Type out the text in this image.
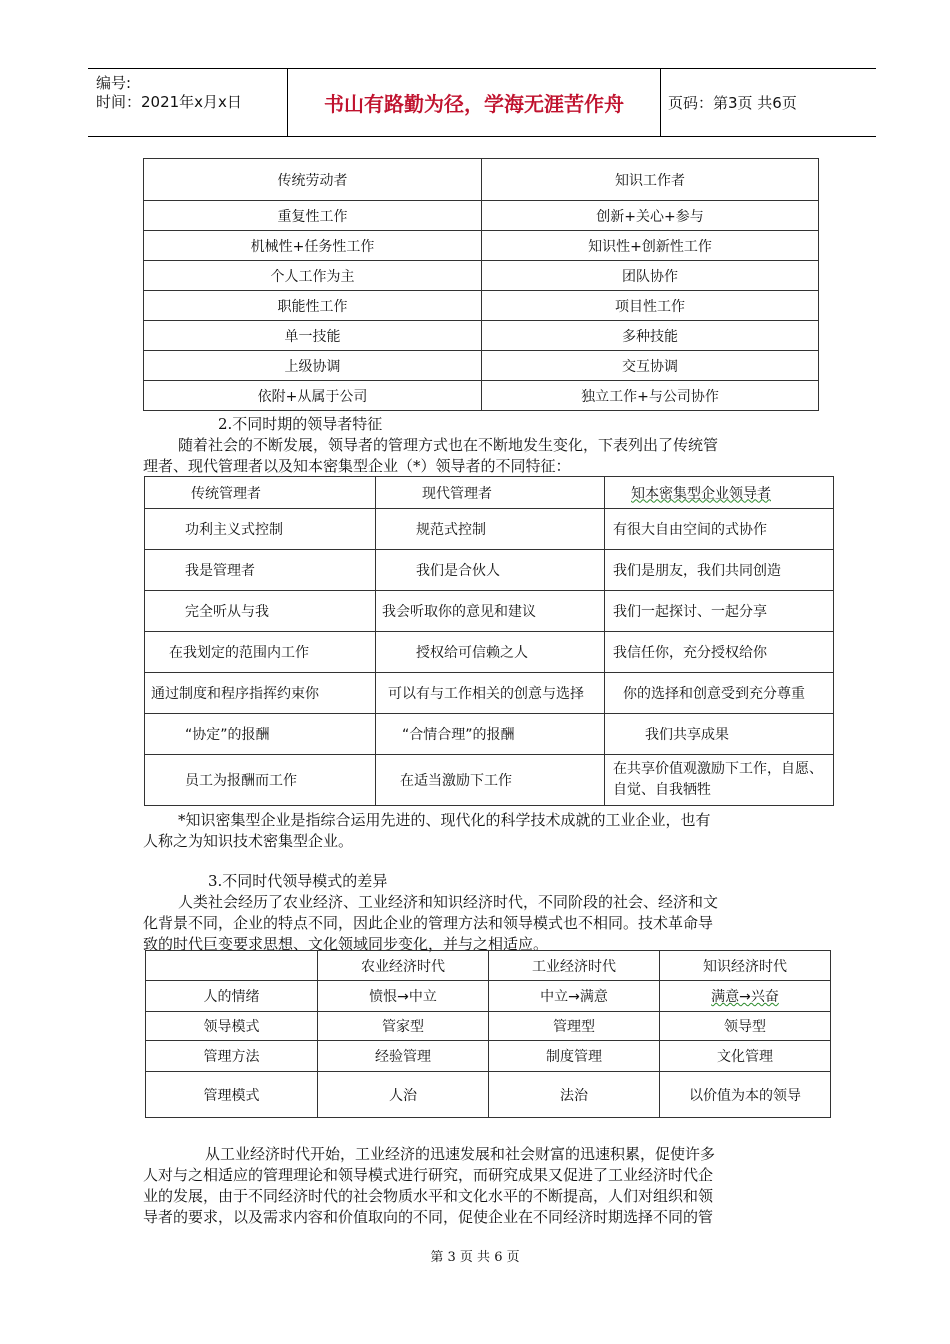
编号:
时间：2021年x月x日	书山有路勤为径，学海无涯苦作舟	页码：第3页 共6页
传统劳动者	知识工作者
重复性工作	创新+关心+参与
机械性+任务性工作	知识性+创新性工作
个人工作为主	团队协作
职能性工作	项目性工作
单一技能	多种技能
上级协调	交互协调
依附+从属于公司	独立工作+与公司协作
2.不同时期的领导者特征
随着社会的不断发展，领导者的管理方式也在不断地发生变化，下表列出了传统管
理者、现代管理者以及知本密集型企业（*）领导者的不同特征：
传统管理者	现代管理者	知本密集型企业领导者
功利主义式控制	规范式控制	有很大自由空间的式协作
我是管理者	我们是合伙人	我们是朋友，我们共同创造
完全听从与我	我会听取你的意见和建议	我们一起探讨、一起分享
在我划定的范围内工作	授权给可信赖之人	我信任你，充分授权给你
通过制度和程序指挥约束你	可以有与工作相关的创意与选择	你的选择和创意受到充分尊重
“协定”的报酬	“合情合理”的报酬	我们共享成果
员工为报酬而工作	在适当激励下工作	在共享价值观激励下工作，自愿、自觉、自我牺牲
*知识密集型企业是指综合运用先进的、现代化的科学技术成就的工业企业，也有
人称之为知识技术密集型企业。
3.不同时代领导模式的差异
人类社会经历了农业经济、工业经济和知识经济时代，不同阶段的社会、经济和文
化背景不同，企业的特点不同，因此企业的管理方法和领导模式也不相同。技术革命导
致的时代巨变要求思想、文化领域同步变化，并与之相适应。
	农业经济时代	工业经济时代	知识经济时代
人的情绪	愤恨→中立	中立→满意	满意→兴奋
领导模式	管家型	管理型	领导型
管理方法	经验管理	制度管理	文化管理
管理模式	人治	法治	以价值为本的领导
从工业经济时代开始，工业经济的迅速发展和社会财富的迅速积累，促使许多
人对与之相适应的管理理论和领导模式进行研究，而研究成果又促进了工业经济时代企
业的发展，由于不同经济时代的社会物质水平和文化水平的不断提高，人们对组织和领
导者的要求，以及需求内容和价值取向的不同，促使企业在不同经济时期选择不同的管
第 3 页 共 6 页
